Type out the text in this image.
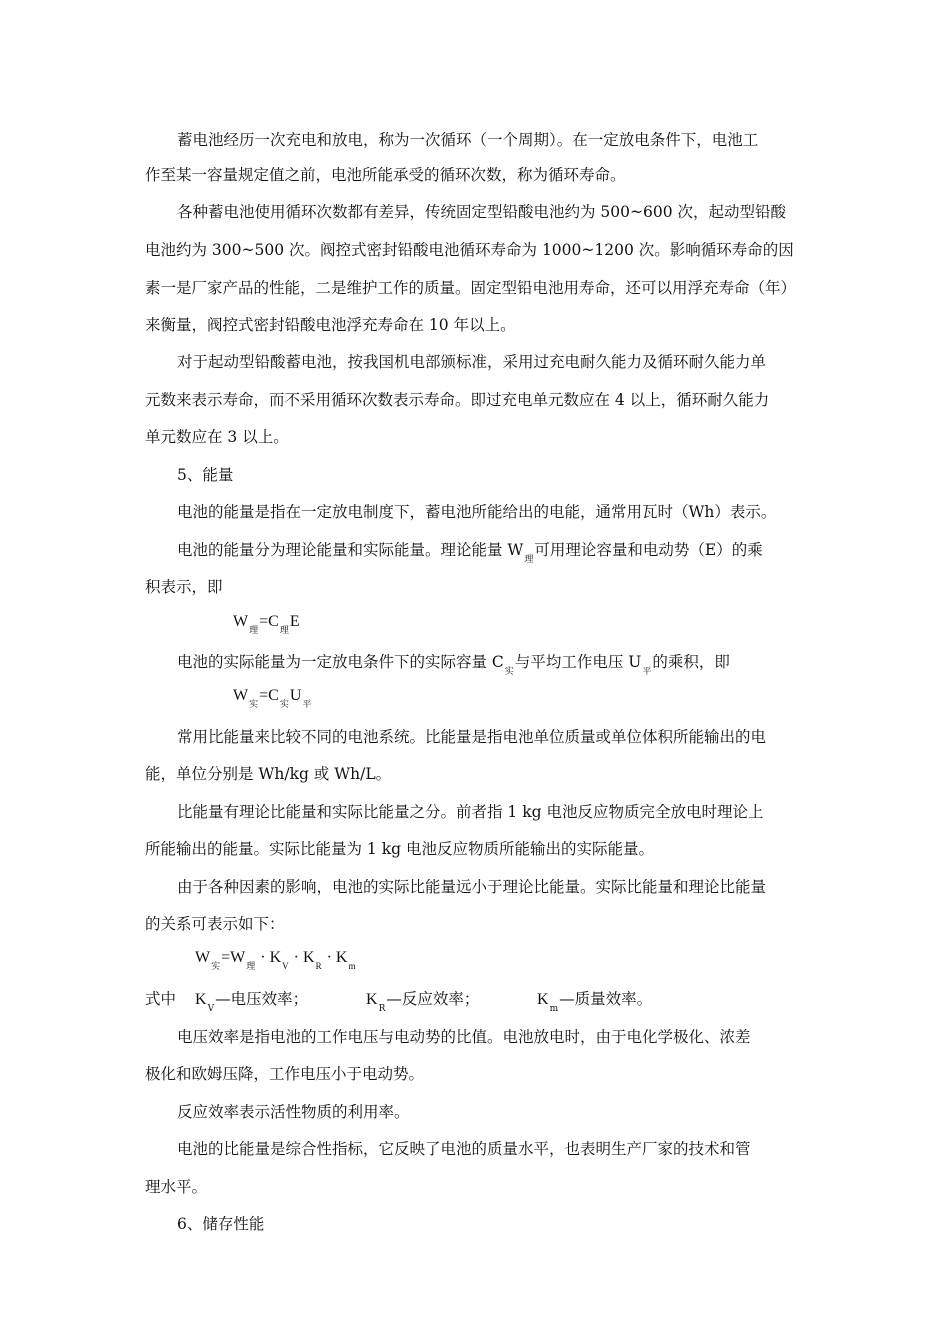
蓄电池经历一次充电和放电，称为一次循环（一个周期）。在一定放电条件下，电池工
作至某一容量规定值之前，电池所能承受的循环次数，称为循环寿命。
各种蓄电池使用循环次数都有差异，传统固定型铅酸电池约为 500~600 次，起动型铅酸
电池约为 300~500 次。阀控式密封铅酸电池循环寿命为 1000~1200 次。影响循环寿命的因
素一是厂家产品的性能，二是维护工作的质量。固定型铅电池用寿命，还可以用浮充寿命（年）
来衡量，阀控式密封铅酸电池浮充寿命在 10 年以上。
对于起动型铅酸蓄电池，按我国机电部颁标准，采用过充电耐久能力及循环耐久能力单
元数来表示寿命，而不采用循环次数表示寿命。即过充电单元数应在 4 以上，循环耐久能力
单元数应在 3 以上。
5、能量
电池的能量是指在一定放电制度下，蓄电池所能给出的电能，通常用瓦时（Wh）表示。
电池的能量分为理论能量和实际能量。理论能量 $W_理$可用理论容量和电动势（E）的乘
积表示，即
$W_理=C_理E$
电池的实际能量为一定放电条件下的实际容量 $C_实$与平均工作电压 $U_平$的乘积，即
$W_实=C_实U_平$
常用比能量来比较不同的电池系统。比能量是指电池单位质量或单位体积所能输出的电
能，单位分别是 Wh/kg 或 Wh/L。
比能量有理论比能量和实际比能量之分。前者指 1 kg 电池反应物质完全放电时理论上
所能输出的能量。实际比能量为 1 kg 电池反应物质所能输出的实际能量。
由于各种因素的影响，电池的实际比能量远小于理论比能量。实际比能量和理论比能量
的关系可表示如下：
$W_实=W_理 \cdot K_V \cdot K_R \cdot K_m$
式中 $K_V—$电压效率；	$K_R—$反应效率；	$K_m—$质量效率。
电压效率是指电池的工作电压与电动势的比值。电池放电时，由于电化学极化、浓差
极化和欧姆压降，工作电压小于电动势。
反应效率表示活性物质的利用率。
电池的比能量是综合性指标，它反映了电池的质量水平，也表明生产厂家的技术和管
理水平。
6、储存性能
